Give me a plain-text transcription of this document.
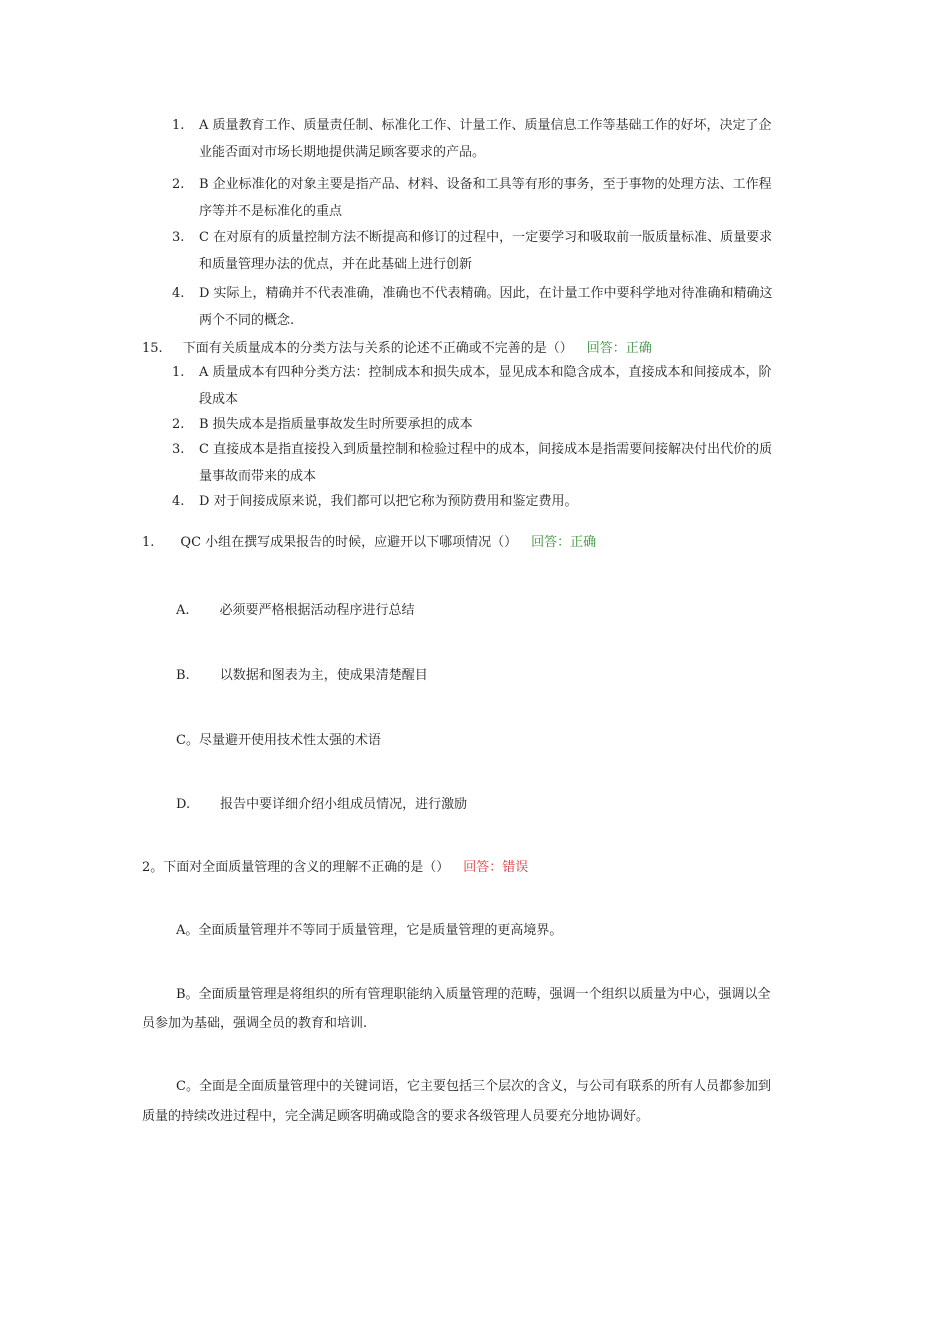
1. A 质量教育工作、质量责任制、标准化工作、计量工作、质量信息工作等基础工作的好坏，决定了企
业能否面对市场长期地提供满足顾客要求的产品。
2. B 企业标准化的对象主要是指产品、材料、设备和工具等有形的事务，至于事物的处理方法、工作程
序等并不是标准化的重点
3. C 在对原有的质量控制方法不断提高和修订的过程中，一定要学习和吸取前一版质量标准、质量要求
和质量管理办法的优点，并在此基础上进行创新
4. D 实际上，精确并不代表准确，准确也不代表精确。因此，在计量工作中要科学地对待准确和精确这
两个不同的概念.
15. 下面有关质量成本的分类方法与关系的论述不正确或不完善的是（） 回答：正确
1. A 质量成本有四种分类方法：控制成本和损失成本，显见成本和隐含成本，直接成本和间接成本，阶
段成本
2. B 损失成本是指质量事故发生时所要承担的成本
3. C 直接成本是指直接投入到质量控制和检验过程中的成本，间接成本是指需要间接解决付出代价的质
量事故而带来的成本
4. D 对于间接成原来说，我们都可以把它称为预防费用和鉴定费用。
1. QC 小组在撰写成果报告的时候，应避开以下哪项情况（） 回答：正确
A. 必须要严格根据活动程序进行总结
B. 以数据和图表为主，使成果清楚醒目
C。尽量避开使用技术性太强的术语
D. 报告中要详细介绍小组成员情况，进行激励
2。下面对全面质量管理的含义的理解不正确的是（） 回答：错误
A。全面质量管理并不等同于质量管理，它是质量管理的更高境界。
B。全面质量管理是将组织的所有管理职能纳入质量管理的范畴，强调一个组织以质量为中心，强调以全
员参加为基础，强调全员的教育和培训.
C。全面是全面质量管理中的关键词语，它主要包括三个层次的含义，与公司有联系的所有人员都参加到
质量的持续改进过程中，完全满足顾客明确或隐含的要求各级管理人员要充分地协调好。
